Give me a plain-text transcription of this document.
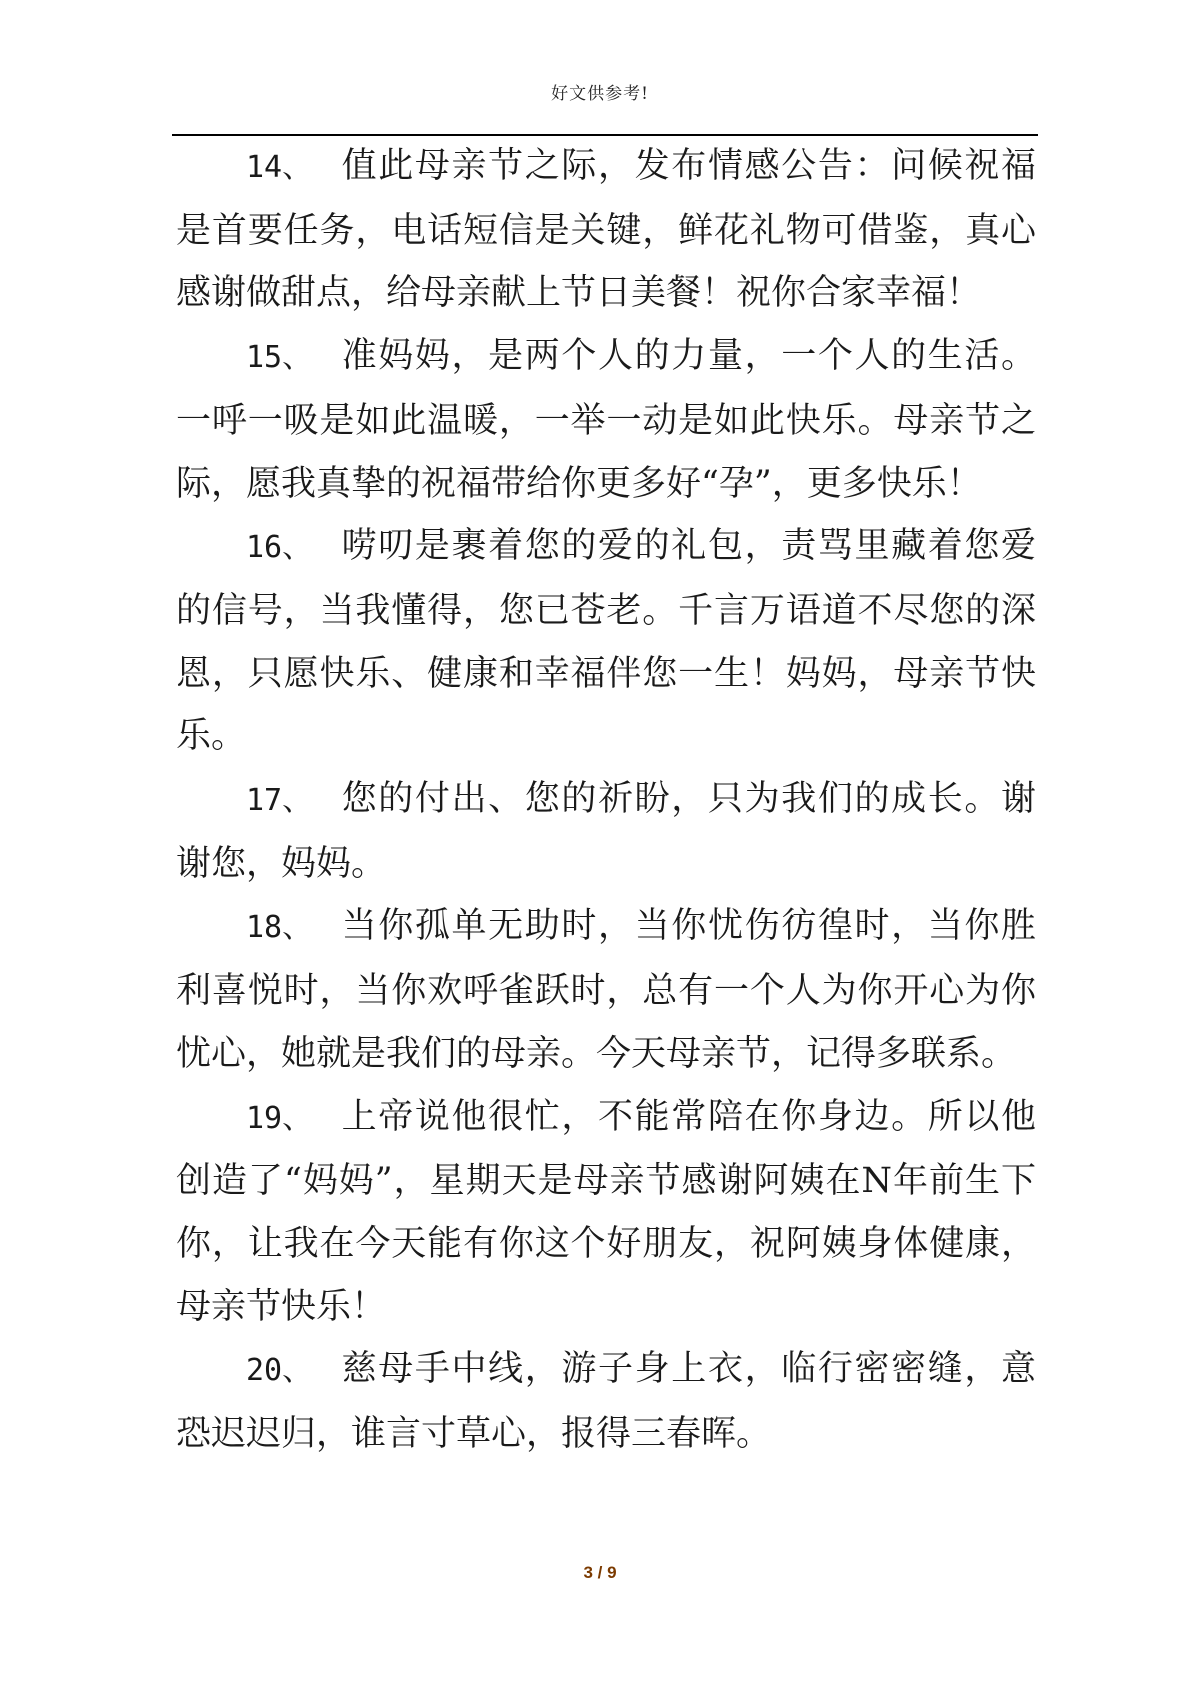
好文供参考!

14、 值此母亲节之际，发布情感公告：问候祝福是首要任务，电话短信是关键，鲜花礼物可借鉴，真心感谢做甜点，给母亲献上节日美餐！祝你合家幸福！

15、 准妈妈，是两个人的力量，一个人的生活。一呼一吸是如此温暖，一举一动是如此快乐。母亲节之际，愿我真挚的祝福带给你更多好“孕”，更多快乐！

16、 唠叨是裹着您的爱的礼包，责骂里藏着您爱的信号，当我懂得，您已苍老。千言万语道不尽您的深恩，只愿快乐、健康和幸福伴您一生！妈妈，母亲节快乐。

17、 您的付出、您的祈盼，只为我们的成长。谢谢您，妈妈。

18、 当你孤单无助时，当你忧伤彷徨时，当你胜利喜悦时，当你欢呼雀跃时，总有一个人为你开心为你忧心，她就是我们的母亲。今天母亲节，记得多联系。

19、 上帝说他很忙，不能常陪在你身边。所以他创造了“妈妈”，星期天是母亲节感谢阿姨在N年前生下你，让我在今天能有你这个好朋友，祝阿姨身体健康，母亲节快乐！

20、 慈母手中线，游子身上衣，临行密密缝，意恐迟迟归，谁言寸草心，报得三春晖。

3 / 9
